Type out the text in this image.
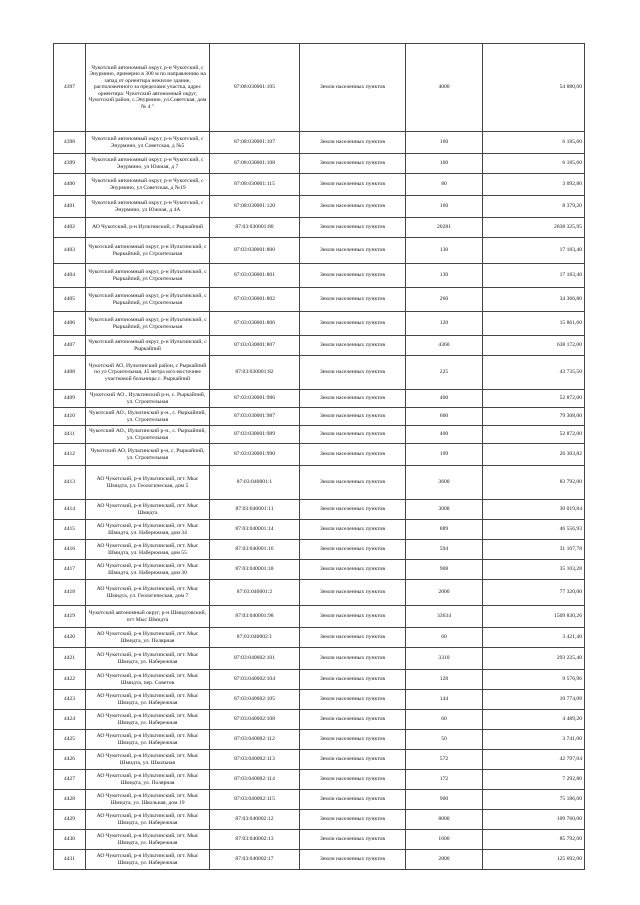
4397	Чукотский автономный округ, р-н Чукотский, с Энурмино, примерно в 300 м по направлению на запад от ориентира нежилое здание, расположенного за пределами участка, адрес ориентира: Чукотский автономный округ, Чукотский район, с.Энурмино, ул.Советская, дом № 4 "	87:08:030001:105	Земли населенных пунктов	4000	54 880,00
4398	Чукотский автономный округ, р-н Чукотский, с Энурмино, ул Советская, д №5	87:08:030001:107	Земли населенных пунктов	160	6 185,60
4399	Чукотский автономный округ, р-н Чукотский, с Энурмино, ул Южная, д 7	87:08:030001:108	Земли населенных пунктов	160	6 185,60
4400	Чукотский автономный округ, р-н Чукотский, с Энурмино, ул Советская, д №19	87:08:030001:115	Земли населенных пунктов	80	3 092,80
4401	Чукотский автономный округ, р-н Чукотский, с Энурмино, ул Южная, д 4А	87:08:030001:120	Земли населенных пунктов	160	8 379,20
4402	АО Чукотский, р-н Иультинский, с Рыркайпий	87:03:030001:80	Земли населенных пунктов	20281	2838 325,95
4403	Чукотский автономный округ, р-н Иультинский, с Рыркайпий, ул Строительная	87:03:030001:800	Земли населенных пунктов	130	17 183,40
4404	Чукотский автономный округ, р-н Иультинский, с Рыркайпий, ул Строительная	87:03:030001:801	Земли населенных пунктов	130	17 183,40
4405	Чукотский автономный округ, р-н Иультинский, с Рыркайпий, ул Строительная	87:03:030001:802	Земли населенных пунктов	260	34 366,80
4406	Чукотский автономный округ, р-н Иультинский, с Рыркайпий, ул Строительная	87:03:030001:806	Земли населенных пунктов	120	15 861,60
4407	Чукотский автономный округ, р-н Иультинский, с Рыркайпий	87:03:030001:807	Земли населенных пунктов	4360	638 172,00
4408	Чукотский АО, Иультинский район, с Рыркайпий по ул Строительная, 45 метра юго-восточнее участковой больницы с. Рыркайпий	87:03:030001:82	Земли населенных пунктов	225	43 735,50
4409	Чукотский АО., Иультинский р-н, с. Рыркайпий, ул. Строительная	87:03:030001:986	Земли населенных пунктов	400	52 872,00
4410	Чукотский АО., Иультинский р-н., с. Рыркайпий, ул. Строительная	87:03:030001:987	Земли населенных пунктов	600	79 308,00
4411	Чукотский АО., Иультинский р-н., с. Рыркайпий, ул. Строительная	87:03:030001:989	Земли населенных пунктов	400	52 872,00
4412	Чукотский АО, Иультинский р-н, с. Рыркайпий, ул. Строительная	87:03:030001:990	Земли населенных пунктов	199	26 303,82
4413	АО Чукотский, р-н Иультинский, пгт. Мыс Шмидта, ул. Геологическая, дом 5	87:03:040001:1	Земли населенных пунктов	3600	83 792,00
4414	АО Чукотский, р-н Иультинский, пгт. Мыс Шмидта	87:03:040001:11	Земли населенных пунктов	3008	30 019,84
4415	АО Чукотский, р-н Иультинский, пгт. Мыс Шмидта, ул. Набережная, дом 34	87:03:040001:14	Земли населенных пунктов	889	46 556,93
4416	АО Чукотский, р-н Иультинский, пгт. Мыс Шмидта, ул. Набережная, дом 55	87:03:040001:16	Земли населенных пунктов	594	31 107,78
4417	АО Чукотский, р-н Иультинский, пгт. Мыс Шмидта, ул. Набережная, дом 30	87:03:040001:18	Земли населенных пунктов	908	35 103,28
4418	АО Чукотский, р-н Иультинский, пгт. Мыс Шмидта, ул. Геологическая, дом 7	87:03:040001:2	Земли населенных пунктов	2000	77 320,00
4419	Чукотский автономный округ, р-н Шмидтовский, пгт Мыс Шмидта	87:03:040001:98	Земли населенных пунктов	33634	1509 830,26
4420	АО Чукотский, р-н Иультинский, пгт. Мыс Шмидта, ул. Полярная	87:03:040002:1	Земли населенных пунктов	60	3 421,40
4421	АО Чукотский, р-н Иультинский, пгт. Мыс Шмидта, ул. Набережная	87:03:040002:101	Земли населенных пунктов	3310	293 225,40
4422	АО Чукотский, р-н Иультинский, пгт. Мыс Шмидта, пер. Советов	87:03:040002:104	Земли населенных пунктов	128	9 576,96
4423	АО Чукотский, р-н Иультинский, пгт. Мыс Шмидта, ул. Набережная	87:03:040002:105	Земли населенных пунктов	144	10 774,08
4424	АО Чукотский, р-н Иультинский, пгт. Мыс Шмидта, ул. Набережная	87:03:040002:108	Земли населенных пунктов	60	4 489,20
4425	АО Чукотский, р-н Иультинский, пгт. Мыс Шмидта, ул. Набережная	87:03:040002:112	Земли населенных пунктов	50	3 741,00
4426	АО Чукотский, р-н Иультинский, пгт. Мыс Шмидта, ул. Школьная	87:03:040002:113	Земли населенных пунктов	572	42 797,04
4427	АО Чукотский, р-н Иультинский, пгт. Мыс Шмидта, ул. Полярная	87:03:040002:114	Земли населенных пунктов	172	7 292,80
4428	АО Чукотский, р-н Иультинский, пгт. Мыс Шмидта, ул. Школьная, дом 19	87:03:040002:115	Земли населенных пунктов	900	75 186,00
4429	АО Чукотский, р-н Иультинский, пгт. Мыс Шмидта, ул. Набережная	87:03:040002:12	Земли населенных пунктов	8000	109 760,00
4430	АО Чукотский, р-н Иультинский, пгт. Мыс Шмидта, ул. Набережная	87:03:040002:13	Земли населенных пунктов	1600	85 792,00
4431	АО Чукотский, р-н Иультинский, пгт. Мыс Шмидта, ул. Набережная	87:03:040002:17	Земли населенных пунктов	2800	125 692,00
